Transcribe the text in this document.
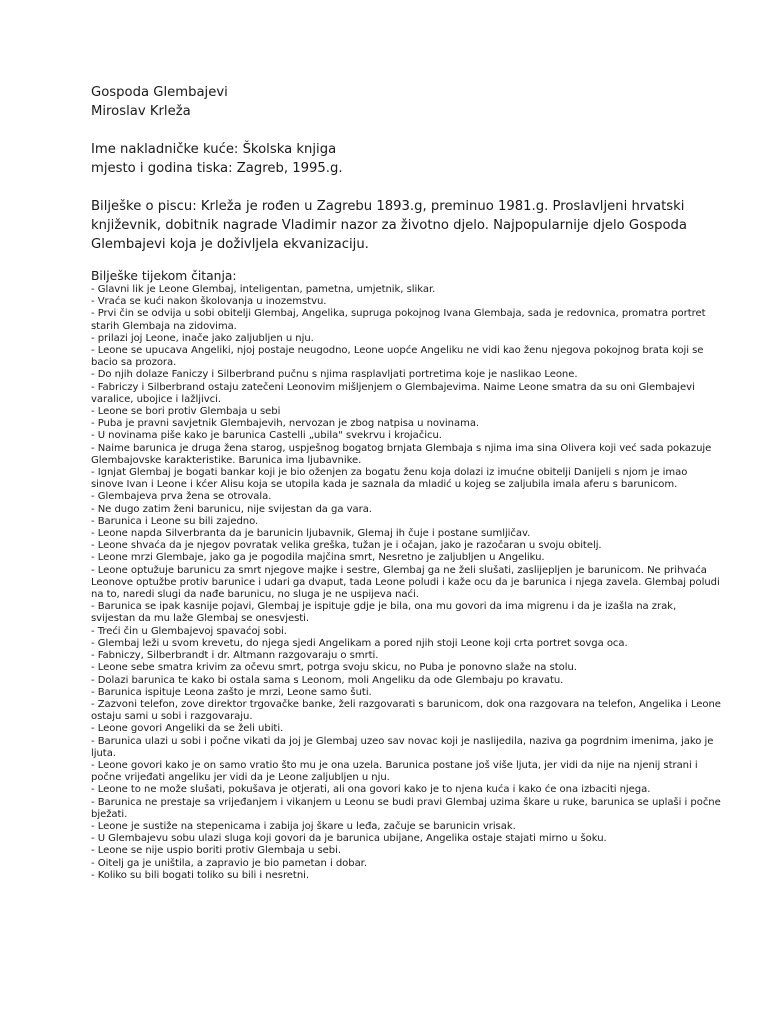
Gospoda Glembajevi

Miroslav Krleža

Ime nakladničke kuće: Školska knjiga

mjesto i godina tiska: Zagreb, 1995.g.

Bilješke o piscu: Krleža je rođen u Zagrebu 1893.g, preminuo 1981.g. Proslavljeni hrvatski književnik, dobitnik nagrade Vladimir nazor za životno djelo. Najpopularnije djelo Gospoda Glembajevi koja je doživljela ekvanizaciju.

Bilješke tijekom čitanja:

- Glavni lik je Leone Glembaj, inteligentan, pametna, umjetnik, slikar.
- Vraća se kući nakon školovanja u inozemstvu.
- Prvi čin se odvija u sobi obitelji Glembaj, Angelika, supruga pokojnog Ivana Glembaja, sada je redovnica, promatra portret starih Glembaja na zidovima.
- prilazi joj Leone, inače jako zaljubljen u nju.
- Leone se upucava Angeliki, njoj postaje neugodno, Leone uopće Angeliku ne vidi kao ženu njegova pokojnog brata koji se bacio sa prozora.
- Do njih dolaze Faniczy i Silberbrand pučnu s njima rasplavljati portretima koje je naslikao Leone.
- Fabriczy i Silberbrand ostaju zatečeni Leonovim mišljenjem o Glembajevima. Naime Leone smatra da su oni Glembajevi varalice, ubojice i lažljivci.
- Leone se bori protiv Glembaja u sebi
- Puba je pravni savjetnik Glembajevih, nervozan je zbog natpisa u novinama.
- U novinama piše kako je barunica Castelli „ubila" svekrvu i krojačicu.
- Naime barunica je druga žena starog, uspješnog bogatog brnjata Glembaja s njima ima sina Olivera koji već sada pokazuje Glembajovske karakteristike. Barunica ima ljubavnike.
- Ignjat Glembaj je bogati bankar koji je bio oženjen za bogatu ženu koja dolazi iz imućne obitelji Danijeli s njom je imao sinove Ivan i Leone i kćer Alisu koja se utopila kada je saznala da mladić u kojeg se zaljubila imala aferu s barunicom.
- Glembajeva prva žena se otrovala.
- Ne dugo zatim ženi barunicu, nije svijestan da ga vara.
- Barunica i Leone su bili zajedno.
- Leone napda Silverbranta da je barunicin ljubavnik, Glemaj ih čuje i postane sumljičav.
- Leone shvaća da je njegov povratak velika greška, tužan je i očajan, jako je razočaran u svoju obitelj.
- Leone mrzi Glembaje, jako ga je pogodila majčina smrt, Nesretno je zaljubljen u Angeliku.
- Leone optužuje barunicu za smrt njegove majke i sestre, Glembaj ga ne želi slušati, zaslijepljen je barunicom. Ne prihvaća Leonove optužbe protiv barunice i udari ga dvaput, tada Leone poludi i kaže ocu da je barunica i njega zavela. Glembaj poludi na to, naredi slugi da nađe barunicu, no sluga je ne uspijeva naći.
- Barunica se ipak kasnije pojavi, Glembaj je ispituje gdje je bila, ona mu govori da ima migrenu i da je izašla na zrak, svijestan da mu laže Glembaj se onesvjesti.
- Treći čin u Glembajevoj spavaćoj sobi.
- Glembaj leži u svom krevetu, do njega sjedi Angelikam a pored njih stoji Leone koji crta portret sovga oca.
- Fabniczy, Silberbrandt i dr. Altmann razgovaraju o smrti.
- Leone sebe smatra krivim za očevu smrt, potrga svoju skicu, no Puba je ponovno slaže na stolu.
- Dolazi barunica te kako bi ostala sama s Leonom, moli Angeliku da ode Glembaju po kravatu.
- Barunica ispituje Leona zašto je mrzi, Leone samo šuti.
- Zazvoni telefon, zove direktor trgovačke banke, želi razgovarati s barunicom, dok ona razgovara na telefon, Angelika i Leone ostaju sami u sobi i razgovaraju.
- Leone govori Angeliki da se želi ubiti.
- Barunica ulazi u sobi i počne vikati da joj je Glembaj uzeo sav novac koji je naslijedila, naziva ga pogrdnim imenima, jako je ljuta.
- Leone govori kako je on samo vratio što mu je ona uzela. Barunica postane još više ljuta, jer vidi da nije na njenij strani i počne vrijeđati angeliku jer vidi da je Leone zaljubljen u nju.
- Leone to ne može slušati, pokušava je otjerati, ali ona govori kako je to njena kuća i kako će ona izbaciti njega.
- Barunica ne prestaje sa vrijeđanjem i vikanjem u Leonu se budi pravi Glembaj uzima škare u ruke, barunica se uplaši i počne bježati.
- Leone je sustiže na stepenicama i zabija joj škare u leđa, začuje se barunicin vrisak.
- U Glembajevu sobu ulazi sluga koji govori da je barunica ubijane, Angelika ostaje stajati mirno u šoku.
- Leone se nije uspio boriti protiv Glembaja u sebi.
- Oitelj ga je uništila, a zapravio je bio pametan i dobar.
- Koliko su bili bogati toliko su bili i nesretni.
